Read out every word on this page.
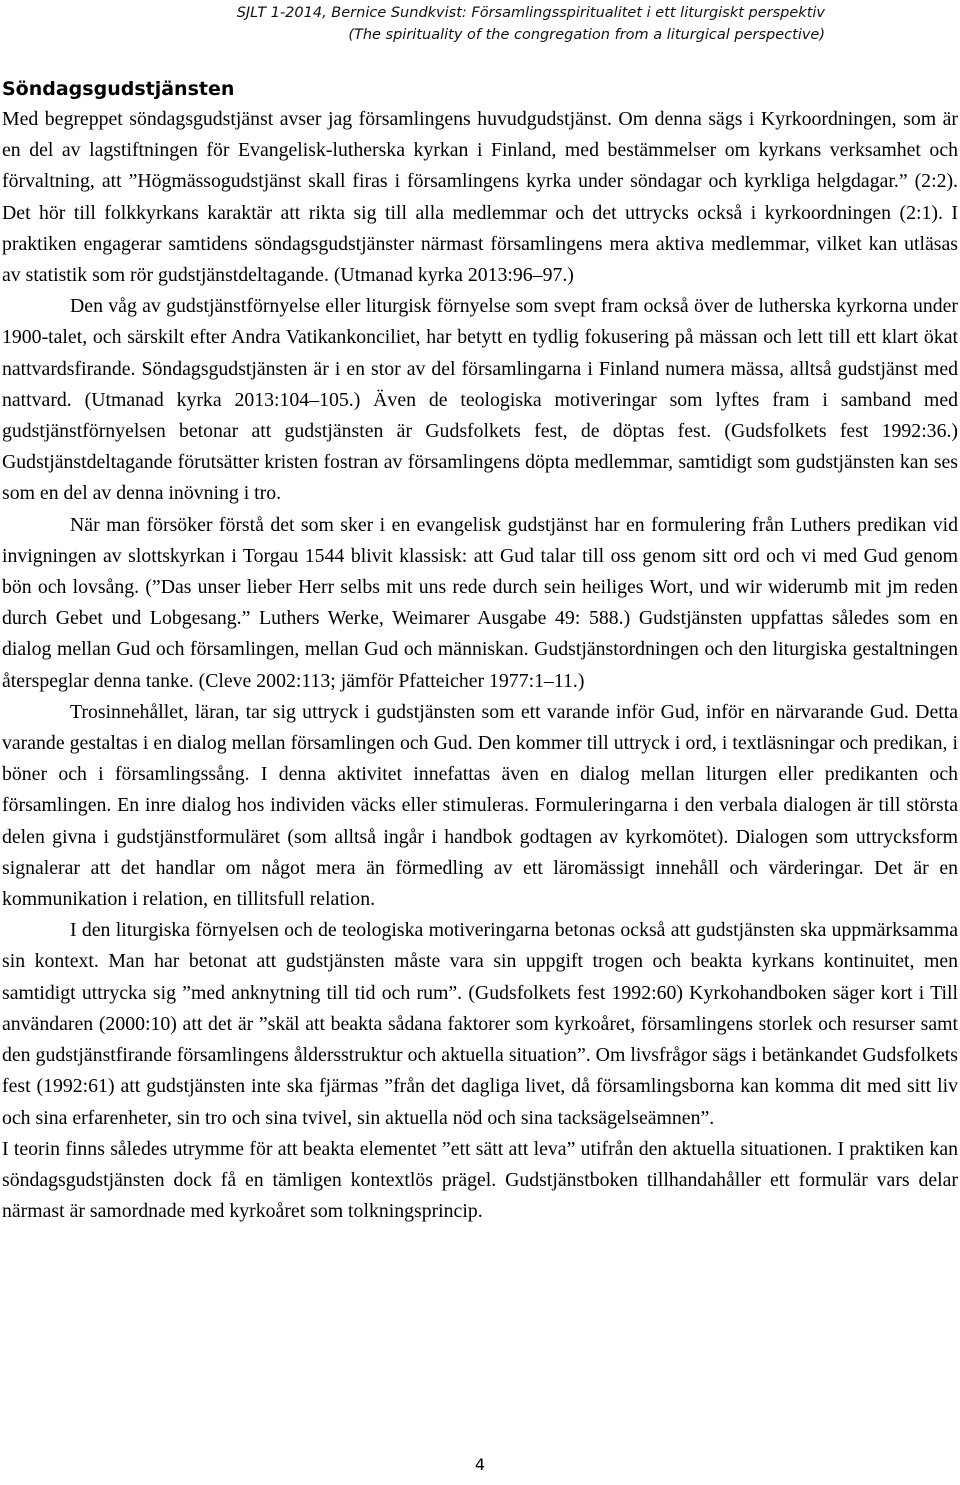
SJLT 1-2014, Bernice Sundkvist: Församlingsspiritualitet i ett liturgiskt perspektiv
(The spirituality of the congregation from a liturgical perspective)
Söndagsgudstjänsten

Med begreppet söndagsgudstjänst avser jag församlingens huvudgudstjänst. Om denna sägs i Kyrkoordningen, som är en del av lagstiftningen för Evangelisk-lutherska kyrkan i Finland, med bestämmelser om kyrkans verksamhet och förvaltning, att ”Högmässogudstjänst skall firas i församlingens kyrka under söndagar och kyrkliga helgdagar.” (2:2). Det hör till folkkyrkans karaktär att rikta sig till alla medlemmar och det uttrycks också i kyrkoordningen (2:1). I praktiken engagerar samtidens söndagsgudstjänster närmast församlingens mera aktiva medlemmar, vilket kan utläsas av statistik som rör gudstjänstdeltagande. (Utmanad kyrka 2013:96–97.)

Den våg av gudstjänstförnyelse eller liturgisk förnyelse som svept fram också över de lutherska kyrkorna under 1900-talet, och särskilt efter Andra Vatikankonciliet, har betytt en tydlig fokusering på mässan och lett till ett klart ökat nattvardsfirande. Söndagsgudstjänsten är i en stor av del församlingarna i Finland numera mässa, alltså gudstjänst med nattvard. (Utmanad kyrka 2013:104–105.) Även de teologiska motiveringar som lyftes fram i samband med gudstjänstförnyelsen betonar att gudstjänsten är Gudsfolkets fest, de döptas fest. (Gudsfolkets fest 1992:36.) Gudstjänstdeltagande förutsätter kristen fostran av församlingens döpta medlemmar, samtidigt som gudstjänsten kan ses som en del av denna inövning i tro.

När man försöker förstå det som sker i en evangelisk gudstjänst har en formulering från Luthers predikan vid invigningen av slottskyrkan i Torgau 1544 blivit klassisk: att Gud talar till oss genom sitt ord och vi med Gud genom bön och lovsång. (”Das unser lieber Herr selbs mit uns rede durch sein heiliges Wort, und wir widerumb mit jm reden durch Gebet und Lobgesang.” Luthers Werke, Weimarer Ausgabe 49: 588.) Gudstjänsten uppfattas således som en dialog mellan Gud och församlingen, mellan Gud och människan. Gudstjänstordningen och den liturgiska gestaltningen återspeglar denna tanke. (Cleve 2002:113; jämför Pfatteicher 1977:1–11.)

Trosinnehållet, läran, tar sig uttryck i gudstjänsten som ett varande inför Gud, inför en närvarande Gud. Detta varande gestaltas i en dialog mellan församlingen och Gud. Den kommer till uttryck i ord, i textläsningar och predikan, i böner och i församlingssång. I denna aktivitet innefattas även en dialog mellan liturgen eller predikanten och församlingen. En inre dialog hos individen väcks eller stimuleras. Formuleringarna i den verbala dialogen är till största delen givna i gudstjänstformuläret (som alltså ingår i handbok godtagen av kyrkomötet). Dialogen som uttrycksform signalerar att det handlar om något mera än förmedling av ett läromässigt innehåll och värderingar. Det är en kommunikation i relation, en tillitsfull relation.

I den liturgiska förnyelsen och de teologiska motiveringarna betonas också att gudstjänsten ska uppmärksamma sin kontext. Man har betonat att gudstjänsten måste vara sin uppgift trogen och beakta kyrkans kontinuitet, men samtidigt uttrycka sig ”med anknytning till tid och rum”. (Gudsfolkets fest 1992:60) Kyrkohandboken säger kort i Till användaren (2000:10) att det är ”skäl att beakta sådana faktorer som kyrkoåret, församlingens storlek och resurser samt den gudstjänstfirande församlingens åldersstruktur och aktuella situation”. Om livsfrågor sägs i betänkandet Gudsfolkets fest (1992:61) att gudstjänsten inte ska fjärmas ”från det dagliga livet, då församlingsborna kan komma dit med sitt liv och sina erfarenheter, sin tro och sina tvivel, sin aktuella nöd och sina tacksägelseämnen”.

I teorin finns således utrymme för att beakta elementet ”ett sätt att leva” utifrån den aktuella situationen. I praktiken kan söndagsgudstjänsten dock få en tämligen kontextlös prägel. Gudstjänstboken tillhandahåller ett formulär vars delar närmast är samordnade med kyrkoåret som tolkningsprincip.

4
